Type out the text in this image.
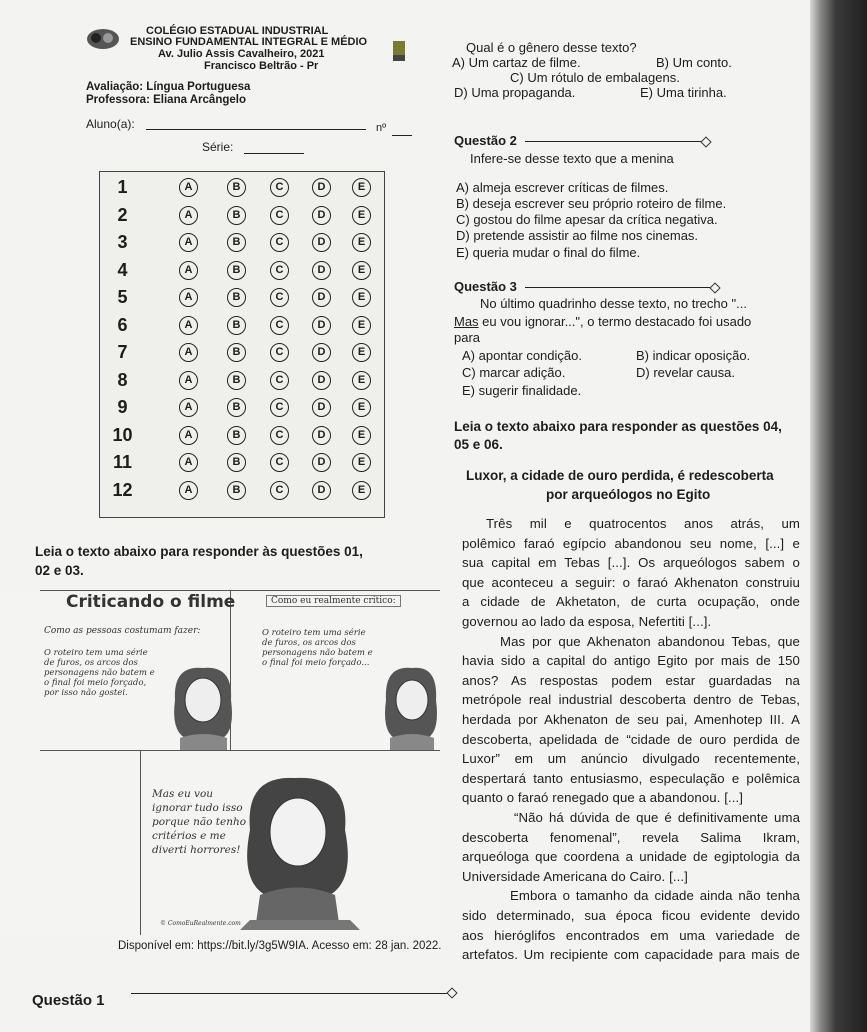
COLÉGIO ESTADUAL INDUSTRIAL
ENSINO FUNDAMENTAL INTEGRAL E MÉDIO
Av. Julio Assis Cavalheiro, 2021
Francisco Beltrão - Pr
Avaliação: Língua Portuguesa
Professora: Eliana Arcângelo
Aluno(a):	nº
Série:
1	A	B	C	D	E
2	A	B	C	D	E
3	A	B	C	D	E
4	A	B	C	D	E
5	A	B	C	D	E
6	A	B	C	D	E
7	A	B	C	D	E
8	A	B	C	D	E
9	A	B	C	D	E
10	A	B	C	D	E
11	A	B	C	D	E
12	A	B	C	D	E
Leia o texto abaixo para responder às questões 01,
02 e 03.
Criticando o filme	Como eu realmente critico:
Como as pessoas costumam fazer:
O roteiro tem uma série
de furos, os arcos dos
personagens não batem e
o final foi meio forçado,
por isso não gostei.
O roteiro tem uma série
de furos, os arcos dos
personagens não batem e
o final foi meio forçado...
Mas eu vou
ignorar tudo isso
porque não tenho
critérios e me
diverti horrores!
© ComoEuRealmente.com
Disponível em: https://bit.ly/3g5W9IA. Acesso em: 28 jan. 2022.
Questão 1
Qual é o gênero desse texto?
A) Um cartaz de filme.	B) Um conto.
C) Um rótulo de embalagens.
D) Uma propaganda.	E) Uma tirinha.
Questão 2
Infere-se desse texto que a menina
A) almeja escrever críticas de filmes.
B) deseja escrever seu próprio roteiro de filme.
C) gostou do filme apesar da crítica negativa.
D) pretende assistir ao filme nos cinemas.
E) queria mudar o final do filme.
Questão 3
No último quadrinho desse texto, no trecho "...
Mas eu vou ignorar...", o termo destacado foi usado
para
A) apontar condição.	B) indicar oposição.
C) marcar adição.	D) revelar causa.
E) sugerir finalidade.
Leia o texto abaixo para responder as questões 04,
05 e 06.
Luxor, a cidade de ouro perdida, é redescoberta
por arqueólogos no Egito
Três mil e quatrocentos anos atrás, um
polêmico faraó egípcio abandonou seu nome, [...] e
sua capital em Tebas [...]. Os arqueólogos sabem o
que aconteceu a seguir: o faraó Akhenaton construiu
a cidade de Akhetaton, de curta ocupação, onde
governou ao lado da esposa, Nefertiti [...].
Mas por que Akhenaton abandonou Tebas, que
havia sido a capital do antigo Egito por mais de 150
anos? As respostas podem estar guardadas na
metrópole real industrial descoberta dentro de Tebas,
herdada por Akhenaton de seu pai, Amenhotep III. A
descoberta, apelidada de “cidade de ouro perdida de
Luxor” em um anúncio divulgado recentemente,
despertará tanto entusiasmo, especulação e polêmica
quanto o faraó renegado que a abandonou. [...]
“Não há dúvida de que é definitivamente uma
descoberta fenomenal”, revela Salima Ikram,
arqueóloga que coordena a unidade de egiptologia da
Universidade Americana do Cairo. [...]
Embora o tamanho da cidade ainda não tenha
sido determinado, sua época ficou evidente devido
aos hieróglifos encontrados em uma variedade de
artefatos. Um recipiente com capacidade para mais de
